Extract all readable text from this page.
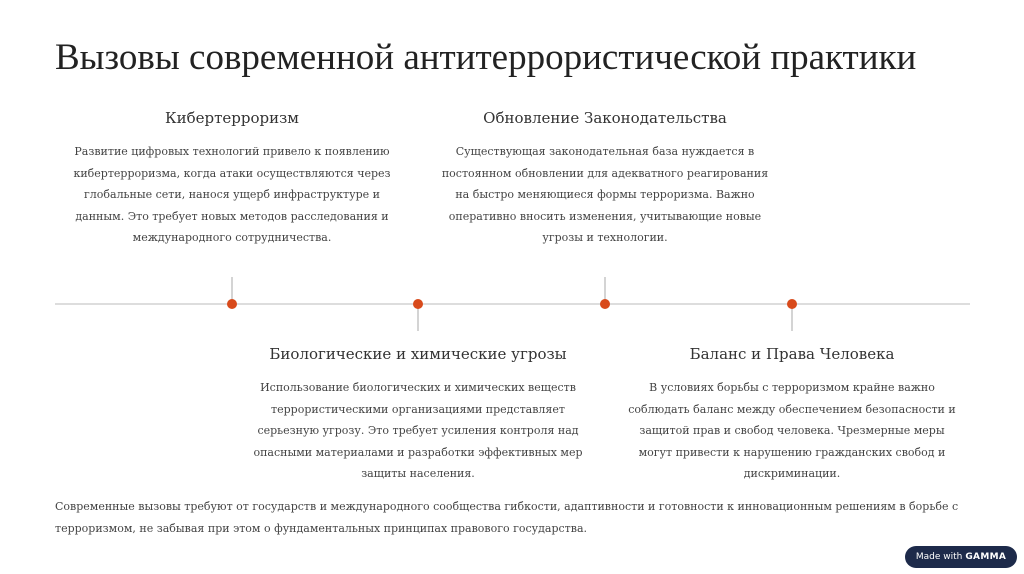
Вызовы современной антитеррористической практики
Кибертерроризм

Развитие цифровых технологий привело к появлению кибертерроризма, когда атаки осуществляются через глобальные сети, нанося ущерб инфраструктуре и данным. Это требует новых методов расследования и международного сотрудничества.

Обновление Законодательства

Существующая законодательная база нуждается в постоянном обновлении для адекватного реагирования на быстро меняющиеся формы терроризма. Важно оперативно вносить изменения, учитывающие новые угрозы и технологии.

Биологические и химические угрозы

Использование биологических и химических веществ террористическими организациями представляет серьезную угрозу. Это требует усиления контроля над опасными материалами и разработки эффективных мер защиты населения.

Баланс и Права Человека

В условиях борьбы с терроризмом крайне важно соблюдать баланс между обеспечением безопасности и защитой прав и свобод человека. Чрезмерные меры могут привести к нарушению гражданских свобод и дискриминации.

Современные вызовы требуют от государств и международного сообщества гибкости, адаптивности и готовности к инновационным решениям в борьбе с терроризмом, не забывая при этом о фундаментальных принципах правового государства.
Made with GAMMA
